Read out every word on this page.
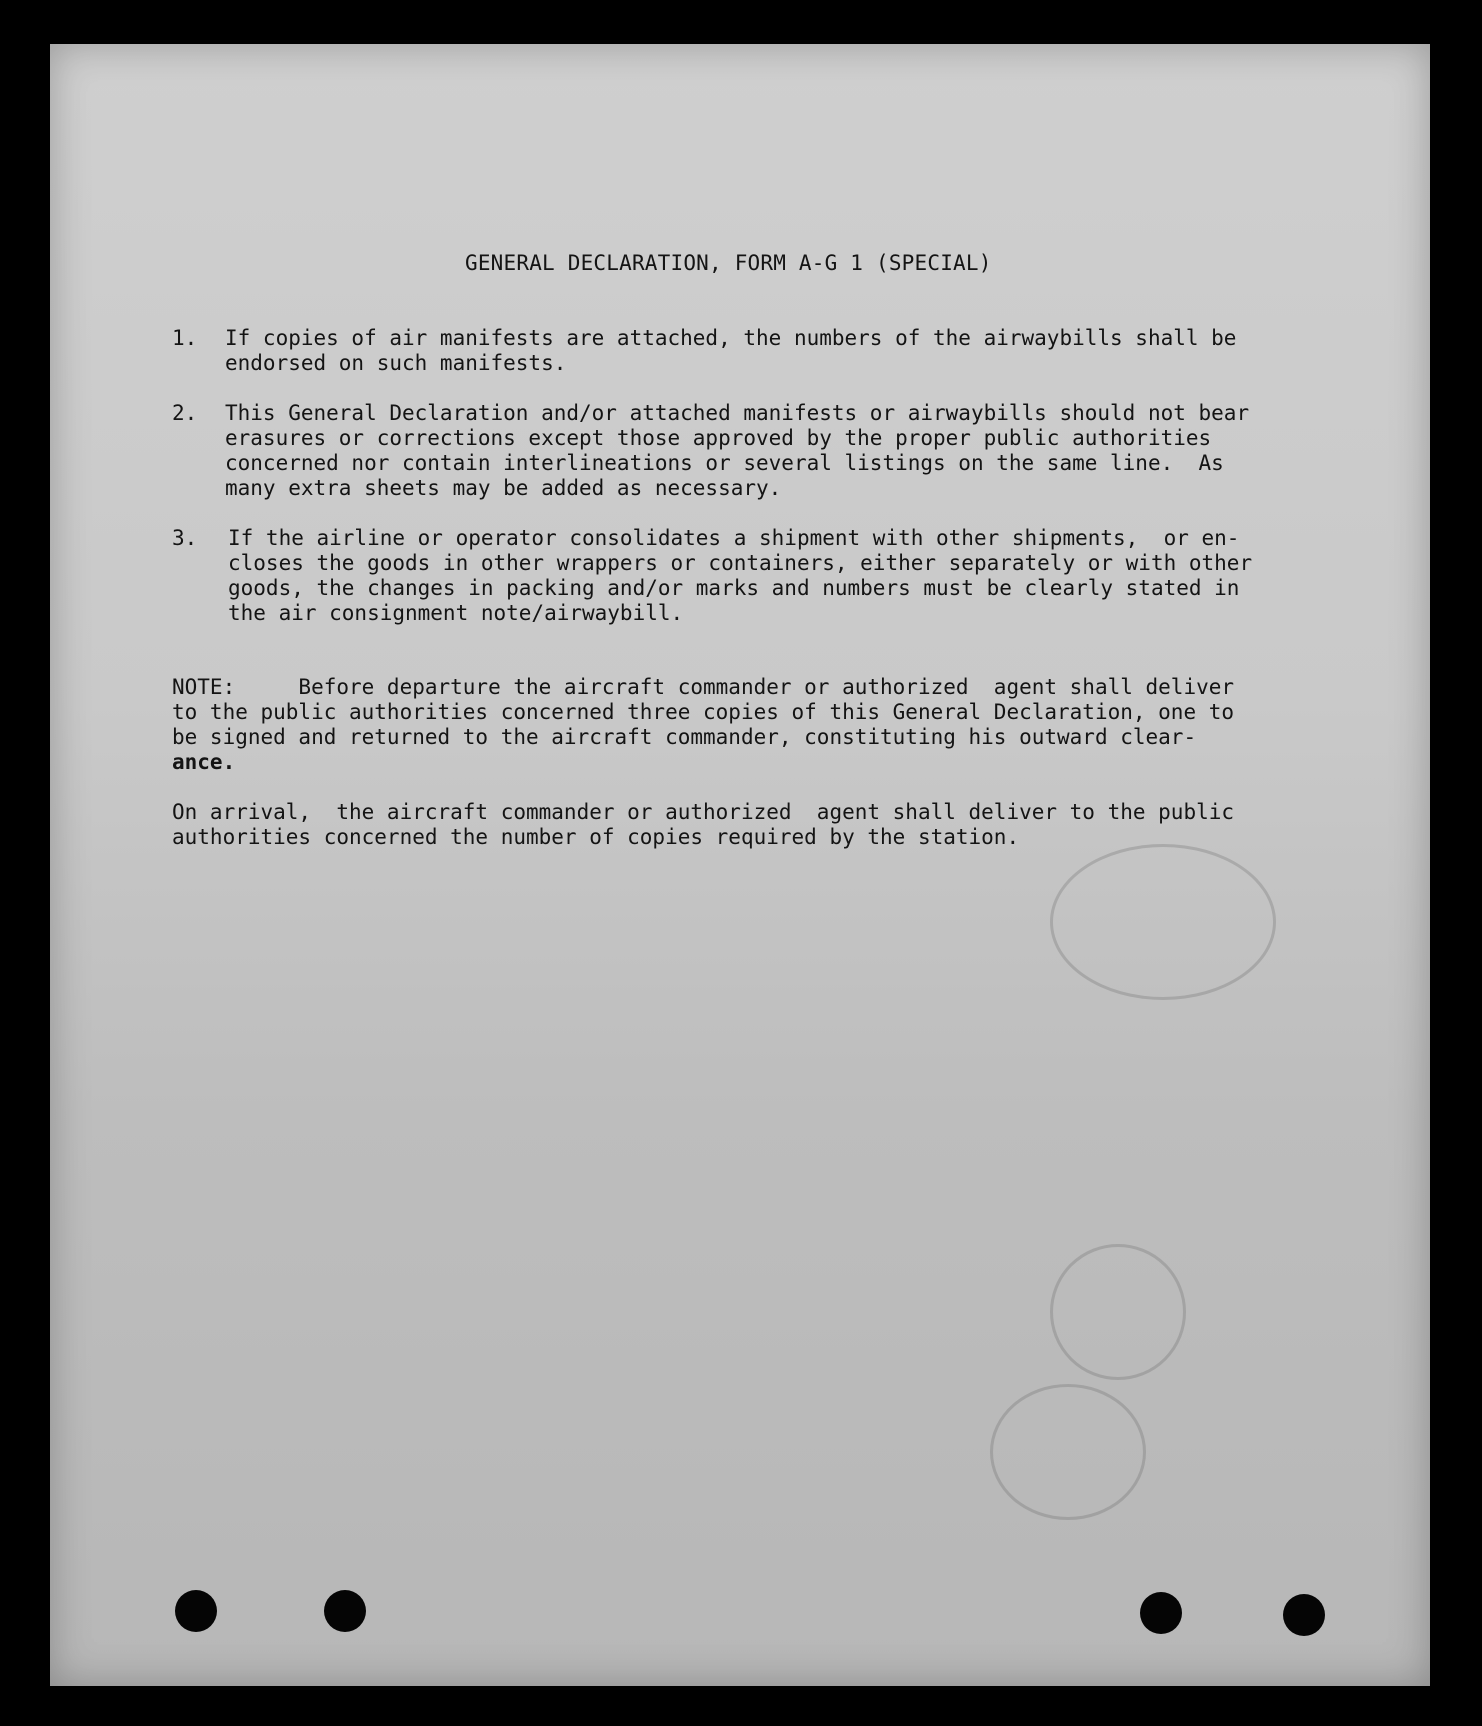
GENERAL DECLARATION, FORM A-G 1 (SPECIAL)
1. If copies of air manifests are attached, the numbers of the airwaybills shall be
endorsed on such manifests.
2. This General Declaration and/or attached manifests or airwaybills should not bear
erasures or corrections except those approved by the proper public authorities
concerned nor contain interlineations or several listings on the same line.  As
many extra sheets may be added as necessary.
3. If the airline or operator consolidates a shipment with other shipments,  or en-
closes the goods in other wrappers or containers, either separately or with other
goods, the changes in packing and/or marks and numbers must be clearly stated in
the air consignment note/airwaybill.
NOTE:     Before departure the aircraft commander or authorized  agent shall deliver
to the public authorities concerned three copies of this General Declaration, one to
be signed and returned to the aircraft commander, constituting his outward clear-
ance.
On arrival,  the aircraft commander or authorized  agent shall deliver to the public
authorities concerned the number of copies required by the station.
